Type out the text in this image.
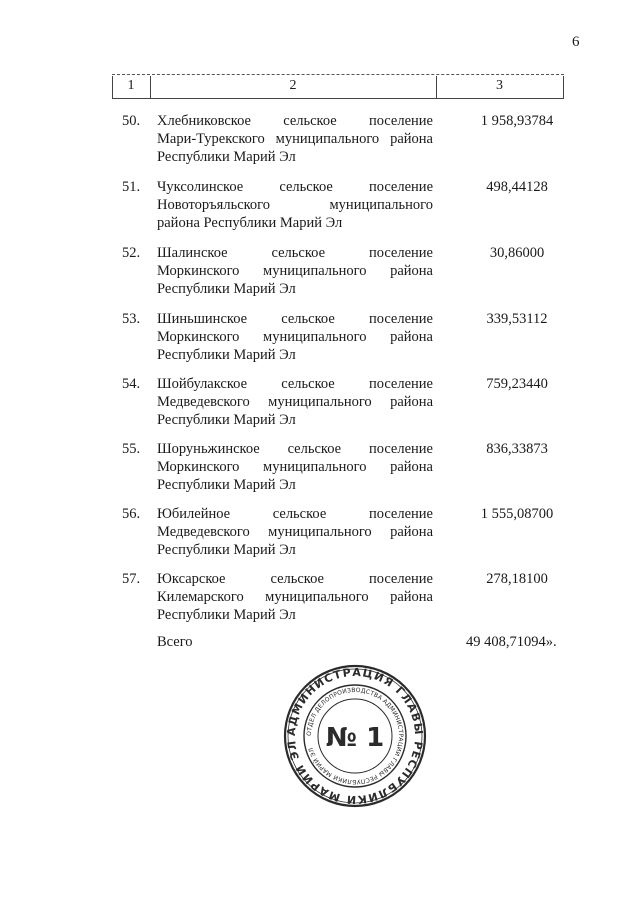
6
1	2	3
50.	Хлебниковское сельское поселение
Мари-Турекского муниципального района
Республики Марий Эл
1 958,93784
51.	Чуксолинское сельское поселение
Новоторъяльского муниципального
района Республики Марий Эл
498,44128
52.	Шалинское сельское поселение
Моркинского муниципального района
Республики Марий Эл
30,86000
53.	Шиньшинское сельское поселение
Моркинского муниципального района
Республики Марий Эл
339,53112
54.	Шойбулакское сельское поселение
Медведевского муниципального района
Республики Марий Эл
759,23440
55.	Шоруньжинское сельское поселение
Моркинского муниципального района
Республики Марий Эл
836,33873
56.	Юбилейное сельское поселение
Медведевского муниципального района
Республики Марий Эл
1 555,08700
57.	Юксарское сельское поселение
Килемарского муниципального района
Республики Марий Эл
278,18100
Всего	49 408,71094».
АДМИНИСТРАЦИЯ ГЛАВЫ РЕСПУБЛИКИ МАРИЙ ЭЛ
ОТДЕЛ ДЕЛОПРОИЗВОДСТВА АДМИНИСТРАЦИИ ГЛАВЫ РЕСПУБЛИКИ МАРИЙ ЭЛ № 1
